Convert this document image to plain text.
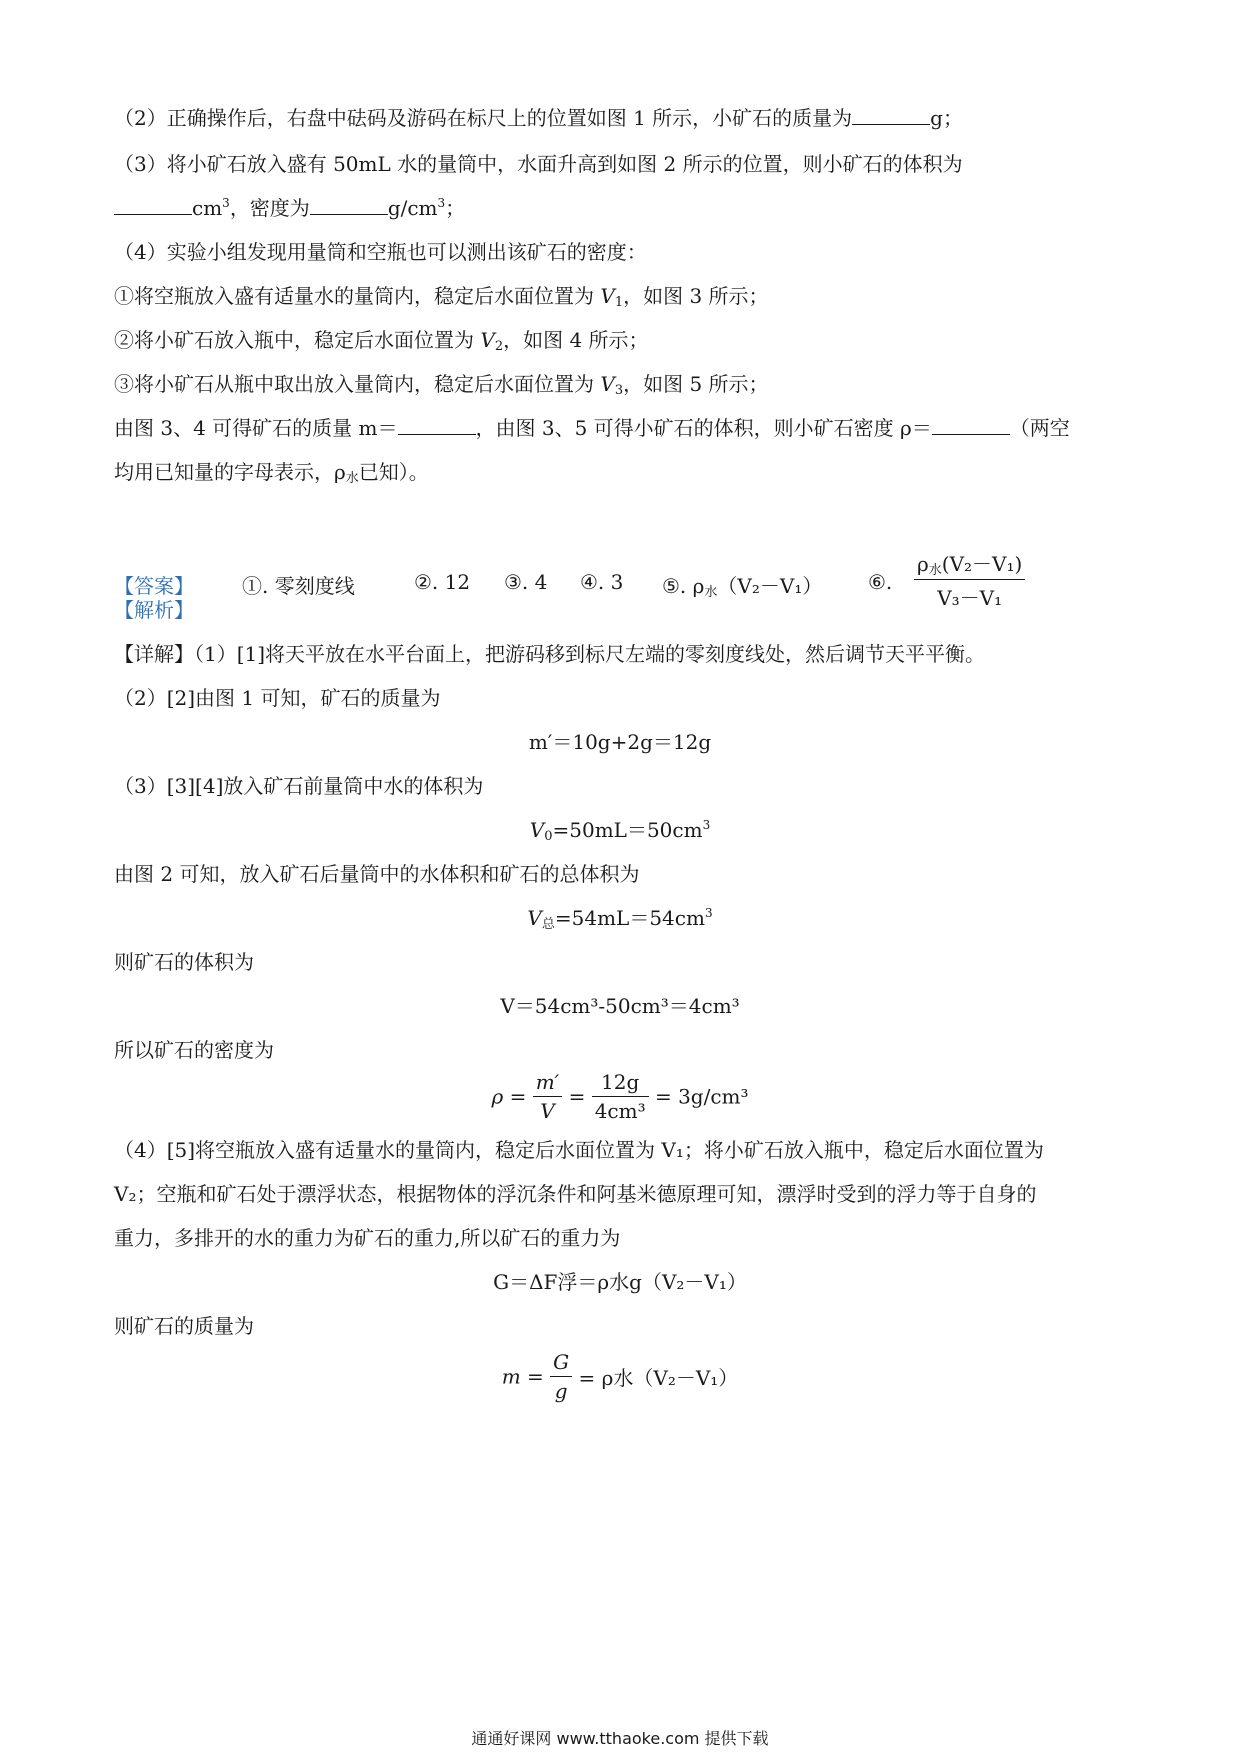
（2）正确操作后，右盘中砝码及游码在标尺上的位置如图 1 所示，小矿石的质量为	g；
（3）将小矿石放入盛有 50mL 水的量筒中，水面升高到如图 2 所示的位置，则小矿石的体积为
$cm^3$，密度为	$g/cm^3$；
（4）实验小组发现用量筒和空瓶也可以测出该矿石的密度：
①将空瓶放入盛有适量水的量筒内，稳定后水面位置为 $V_1$，如图 3 所示；
②将小矿石放入瓶中，稳定后水面位置为 $V_2$，如图 4 所示；
③将小矿石从瓶中取出放入量筒内，稳定后水面位置为 $V_3$，如图 5 所示；
由图 3、4 可得矿石的质量 m＝	，由图 3、5 可得小矿石的体积，则小矿石密度 ρ＝	（两空
均用已知量的字母表示，$\rho_水$已知）。
【答案】 ①. 零刻度线	②. 12 ③. 4 ④. 3 ⑤. $\rho_水(V_2-V_1)$ ⑥.
$\rho_水(V_2-V_1)$
V₃－V₁
【解析】
【详解】（1）[1]将天平放在水平台面上，把游码移到标尺左端的零刻度线处，然后调节天平平衡。
（2）[2]由图 1 可知，矿石的质量为
m′＝10g+2g＝12g
（3）[3][4]放入矿石前量筒中水的体积为
$V_0=50mL=50cm^3$
由图 2 可知，放入矿石后量筒中的水体积和矿石的总体积为
$V_总=54mL=54cm^3$
则矿石的体积为
V＝54cm³-50cm³＝4cm³
所以矿石的密度为
$\rho = \frac{m'}{V} = \frac{12g}{\text{4cm³}} = 3g/cm^3$
（4）[5]将空瓶放入盛有适量水的量筒内，稳定后水面位置为 V₁；将小矿石放入瓶中，稳定后水面位置为
V₂；空瓶和矿石处于漂浮状态，根据物体的浮沉条件和阿基米德原理可知，漂浮时受到的浮力等于自身的
重力，多排开的水的重力为矿石的重力,所以矿石的重力为
G＝ΔF浮＝ρ水g（V₂－V₁）
则矿石的质量为
$m = \frac{G}{g} = \rho$水（V₂－V₁）
通通好课网 www.tthaoke.com 提供下载
